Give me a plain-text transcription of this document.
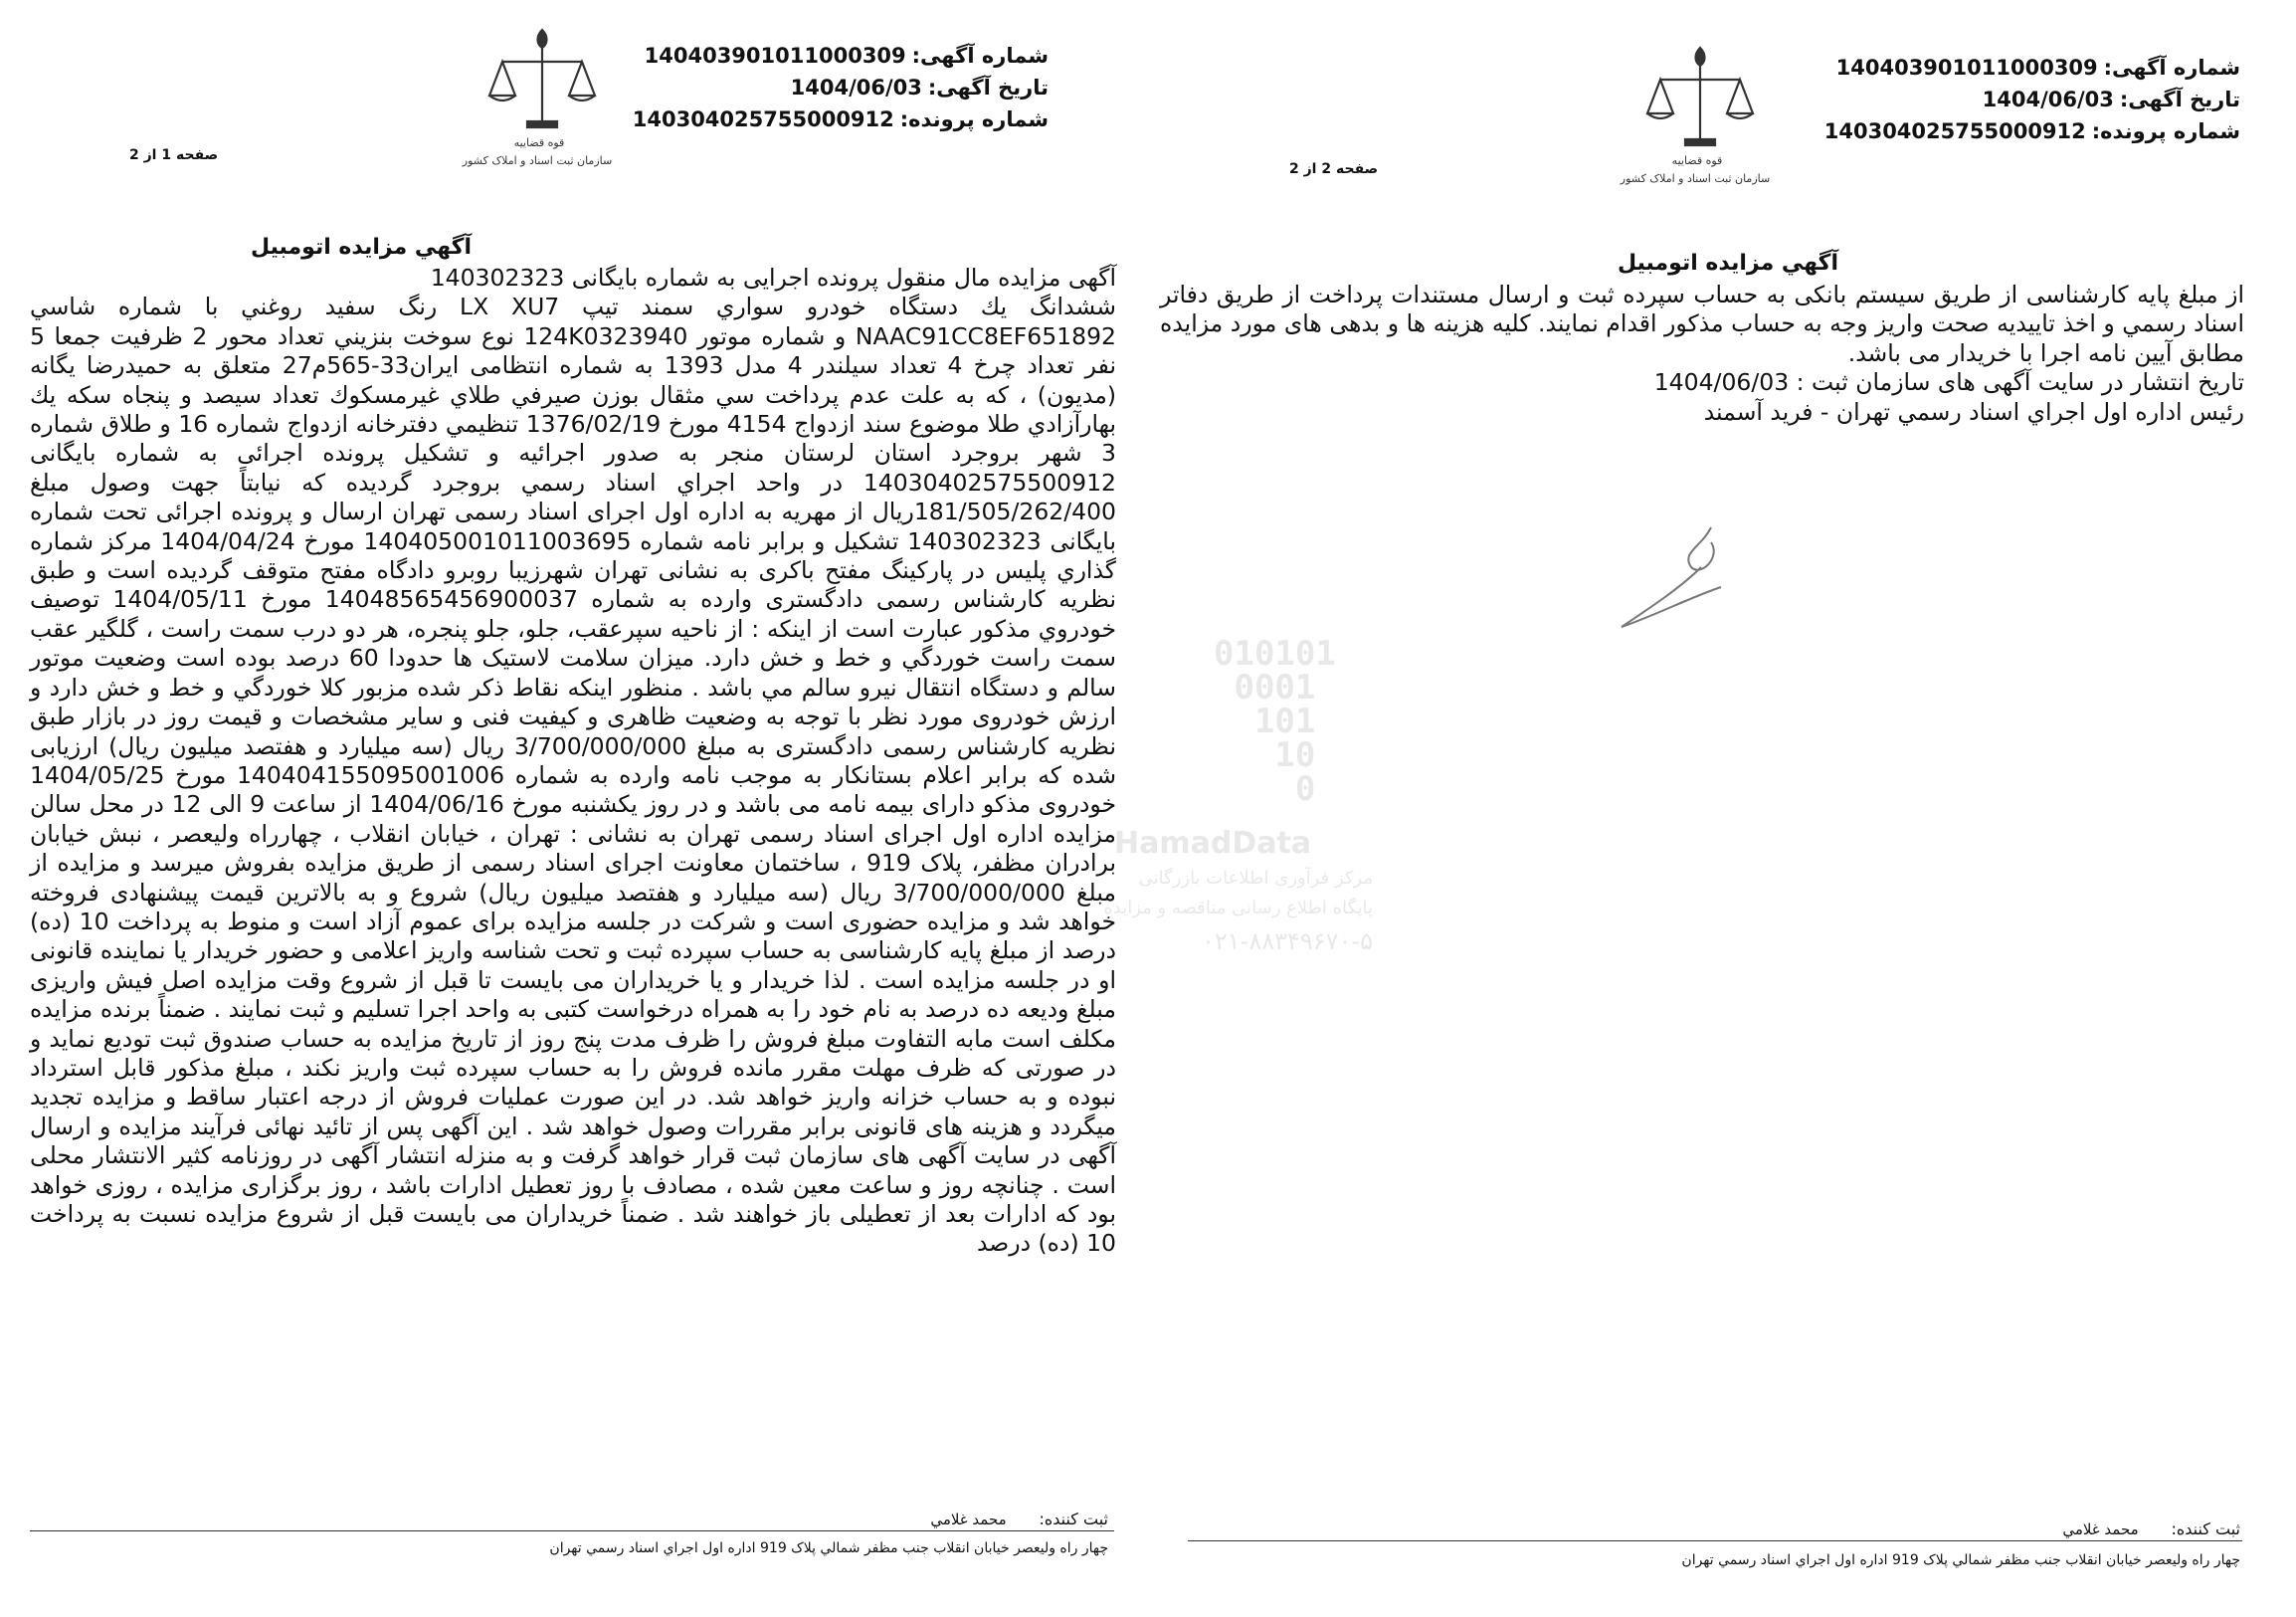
شماره آگهی:
140403901011000309
تاریخ آگهی:
1404/06/03
شماره پرونده:
140304025755000912
قوه قضاییه
سازمان ثبت اسناد و املاک کشور
صفحه 1 از 2
آگهي مزايده اتومبيل

آگهی مزایده مال منقول پرونده اجرایی به شماره بایگانی 140302323

ششدانگ يك دستگاه خودرو سواري سمند تيپ LX XU7 رنگ سفيد روغني با شماره شاسي NAAC91CC8EF651892 و شماره موتور 124K0323940 نوع سوخت بنزيني تعداد محور 2 ظرفيت جمعا 5 نفر تعداد چرخ 4 تعداد سيلندر 4 مدل 1393 به شماره انتظامی ايران33-565م27 متعلق به حميدرضا يگانه (مديون) ، كه به علت عدم پرداخت سي مثقال بوزن صيرفي طلاي غيرمسكوك تعداد سيصد و پنجاه سكه يك بهارآزادي طلا موضوع سند ازدواج 4154 مورخ 1376/02/19 تنظيمي دفترخانه ازدواج شماره 16 و طلاق شماره 3 شهر بروجرد استان لرستان منجر به صدور اجرائيه و تشكيل پرونده اجرائی به شماره بايگانی 14030402575500912 در واحد اجراي اسناد رسمي بروجرد گرديده كه نيابتاً جهت وصول مبلغ 181/505/262/400ريال از مهريه به اداره اول اجرای اسناد رسمی تهران ارسال و پرونده اجرائی تحت شماره بايگانی 140302323 تشكيل و برابر نامه شماره 140405001011003695 مورخ 1404/04/24 مركز شماره گذاري پليس در پاركينگ مفتح باكری به نشانی تهران شهرزيبا روبرو دادگاه مفتح متوقف گرديده است و طبق نظريه كارشناس رسمی دادگستری وارده به شماره 14048565456900037 مورخ 1404/05/11 توصيف خودروي مذكور عبارت است از اينكه : از ناحيه سپرعقب، جلو، جلو پنجره، هر دو درب سمت راست ، گلگير عقب سمت راست خوردگي و خط و خش دارد. ميزان سلامت لاستيک ها حدودا 60 درصد بوده است وضعيت موتور سالم و دستگاه انتقال نيرو سالم مي باشد . منظور اينكه نقاط ذكر شده مزبور كلا خوردگي و خط و خش دارد و ارزش خودروی مورد نظر با توجه به وضعيت ظاهری و كيفيت فنی و ساير مشخصات و قيمت روز در بازار طبق نظريه كارشناس رسمی دادگستری به مبلغ 3/700/000/000 ريال (سه ميليارد و هفتصد ميليون ريال) ارزيابی شده كه برابر اعلام بستانكار به موجب نامه وارده به شماره 140404155095001006 مورخ 1404/05/25 خودروی مذكو دارای بيمه نامه می باشد و در روز يكشنبه مورخ 1404/06/16 از ساعت 9 الی 12 در محل سالن مزايده اداره اول اجرای اسناد رسمی تهران به نشانی : تهران ، خيابان انقلاب ، چهارراه وليعصر ، نبش خيابان برادران مظفر، پلاک 919 ، ساختمان معاونت اجرای اسناد رسمی از طريق مزايده بفروش ميرسد و مزايده از مبلغ 3/700/000/000 ريال (سه ميليارد و هفتصد ميليون ريال) شروع و به بالاترين قيمت پيشنهادی فروخته خواهد شد و مزايده حضوری است و شركت در جلسه مزايده برای عموم آزاد است و منوط به پرداخت 10 (ده) درصد از مبلغ پايه كارشناسی به حساب سپرده ثبت و تحت شناسه واريز اعلامی و حضور خريدار يا نماينده قانونی او در جلسه مزايده است . لذا خريدار و يا خريداران می بايست تا قبل از شروع وقت مزايده اصل فيش واريزی مبلغ وديعه ده درصد به نام خود را به همراه درخواست كتبی به واحد اجرا تسليم و ثبت نمايند . ضمناً برنده مزايده مكلف است مابه التفاوت مبلغ فروش را ظرف مدت پنج روز از تاريخ مزايده به حساب صندوق ثبت توديع نمايد و در صورتی كه ظرف مهلت مقرر مانده فروش را به حساب سپرده ثبت واريز نكند ، مبلغ مذكور قابل استرداد نبوده و به حساب خزانه واريز خواهد شد. در اين صورت عمليات فروش از درجه اعتبار ساقط و مزايده تجديد ميگردد و هزينه های قانونی برابر مقررات وصول خواهد شد . اين آگهی پس از تائيد نهائی فرآيند مزايده و ارسال آگهی در سايت آگهی های سازمان ثبت قرار خواهد گرفت و به منزله انتشار آگهی در روزنامه كثير الانتشار محلی است . چنانچه روز و ساعت معين شده ، مصادف با روز تعطيل ادارات باشد ، روز برگزاری مزايده ، روزی خواهد بود كه ادارات بعد از تعطيلی باز خواهند شد . ضمناً خريداران می بايست قبل از شروع مزايده نسبت به پرداخت 10 (ده) درصد

ثبت كننده: محمد غلامي
چهار راه وليعصر خيابان انقلاب جنب مظفر شمالي پلاک 919 اداره اول اجراي اسناد رسمي تهران
شماره آگهی:
140403901011000309
تاریخ آگهی:
1404/06/03
شماره پرونده:
140304025755000912
قوه قضاییه
سازمان ثبت اسناد و املاک کشور
صفحه 2 از 2
آگهي مزايده اتومبيل

از مبلغ پايه كارشناسی از طريق سيستم بانكی به حساب سپرده ثبت و ارسال مستندات پرداخت از طريق دفاتر اسناد رسمي و اخذ تاييديه صحت واريز وجه به حساب مذكور اقدام نمايند. كليه هزينه ها و بدهی های مورد مزايده مطابق آيين نامه اجرا با خريدار می باشد.

تاريخ انتشار در سايت آگهی های سازمان ثبت : 1404/06/03

رئيس اداره اول اجراي اسناد رسمي تهران - فريد آسمند

ثبت كننده: محمد غلامي
چهار راه وليعصر خيابان انقلاب جنب مظفر شمالي پلاک 919 اداره اول اجراي اسناد رسمي تهران
010101
0001
101
10
0
HamadData
مرکز فرآوری اطلاعات بازرگانی
پایگاه اطلاع رسانی مناقصه و مزایده
۰۲۱-۸۸۳۴۹۶۷۰-۵
